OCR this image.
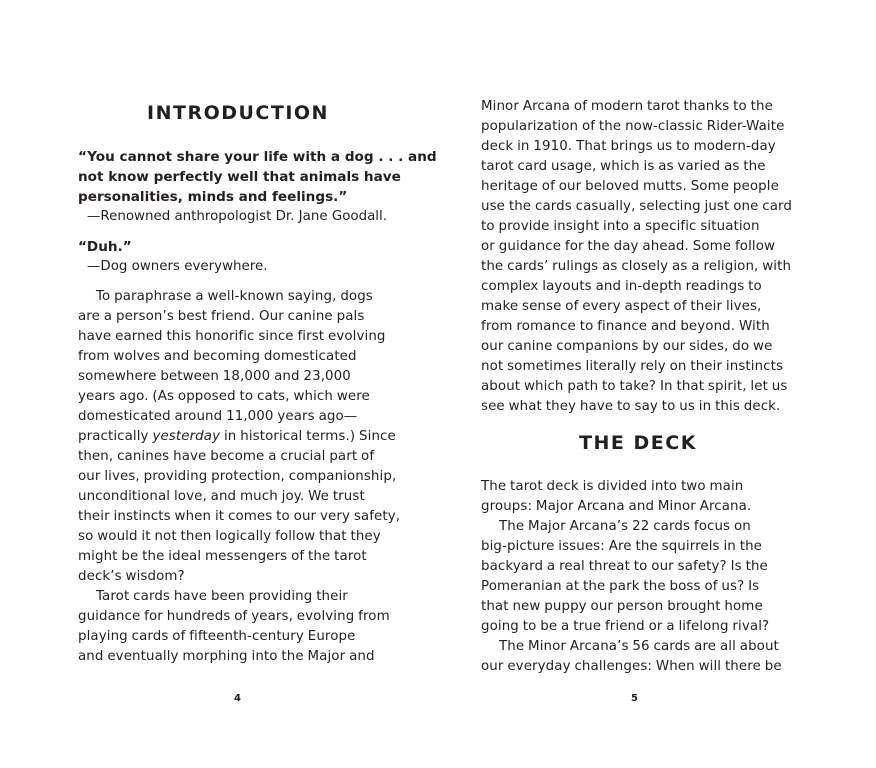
INTRODUCTION
“You cannot share your life with a dog . . . and
not know perfectly well that animals have
personalities, minds and feelings.”
—Renowned anthropologist Dr. Jane Goodall.
“Duh.”
—Dog owners everywhere.
To paraphrase a well-known saying, dogs
are a person’s best friend. Our canine pals
have earned this honorific since first evolving
from wolves and becoming domesticated
somewhere between 18,000 and 23,000
years ago. (As opposed to cats, which were
domesticated around 11,000 years ago—
practically yesterday in historical terms.) Since
then, canines have become a crucial part of
our lives, providing protection, companionship,
unconditional love, and much joy. We trust
their instincts when it comes to our very safety,
so would it not then logically follow that they
might be the ideal messengers of the tarot
deck’s wisdom?
Tarot cards have been providing their
guidance for hundreds of years, evolving from
playing cards of fifteenth-century Europe
and eventually morphing into the Major and
4
Minor Arcana of modern tarot thanks to the
popularization of the now-classic Rider-Waite
deck in 1910. That brings us to modern-day
tarot card usage, which is as varied as the
heritage of our beloved mutts. Some people
use the cards casually, selecting just one card
to provide insight into a specific situation
or guidance for the day ahead. Some follow
the cards’ rulings as closely as a religion, with
complex layouts and in-depth readings to
make sense of every aspect of their lives,
from romance to finance and beyond. With
our canine companions by our sides, do we
not sometimes literally rely on their instincts
about which path to take? In that spirit, let us
see what they have to say to us in this deck.
THE DECK
The tarot deck is divided into two main
groups: Major Arcana and Minor Arcana.
The Major Arcana’s 22 cards focus on
big-picture issues: Are the squirrels in the
backyard a real threat to our safety? Is the
Pomeranian at the park the boss of us? Is
that new puppy our person brought home
going to be a true friend or a lifelong rival?
The Minor Arcana’s 56 cards are all about
our everyday challenges: When will there be
5
